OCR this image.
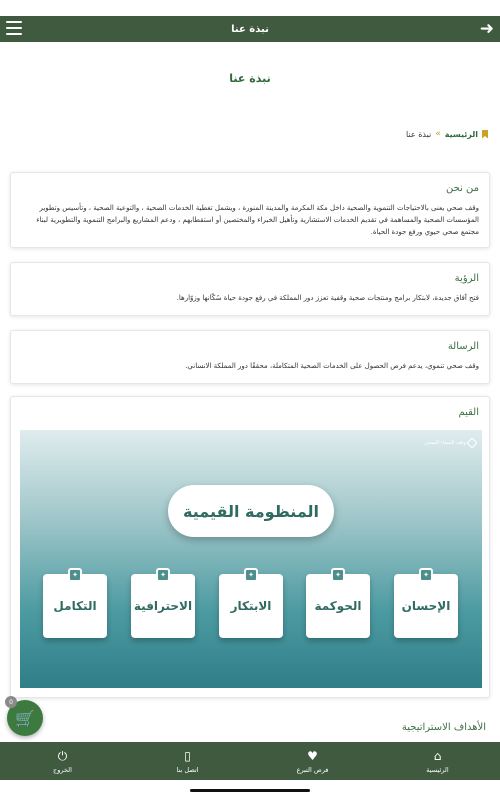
نبذة عنا	➜
نبذة عنا
الرئيسية
»
نبذة عنا
من نحن

وقف صحي يعنى بالاحتياجات التنموية والصحية داخل مكة المكرمة والمدينة المنورة ، ويشمل تغطية الخدمات الصحية ، والتوعية الصحية ، وتأسيس وتطوير المؤسسات الصحية والمساهمة في تقديم الخدمات الاستشارية وتأهيل الخبراء والمختصين أو استقطابهم ، ودعم المشاريع والبرامج التنموية والتطويرية لبناء مجتمع صحي حيوي ورفع جودة الحياة.

الرؤية

فتح آفاق جديدة، لابتكار برامج ومنتجات صحية وقفية تعزز دور المملكة في رفع جودة حياة سُكّانها وزوّارها.

الرسالة

وقف صحي تنموي، يدعم فرص الحصول على الخدمات الصحية المتكاملة، محققًا دور المملكة الانساني.

القيم
وقف الشفاء الصحي
المنظومة القيمية
✦
الإحسان
✦
الحوكمة
✦
الابتكار
✦
الاحترافية
✦
التكامل
الأهداف الاستراتيجية
0
🛒
⌂
الرئيسية
♥
فرص التبرع
▯
اتصل بنا
⏻
الخروج
